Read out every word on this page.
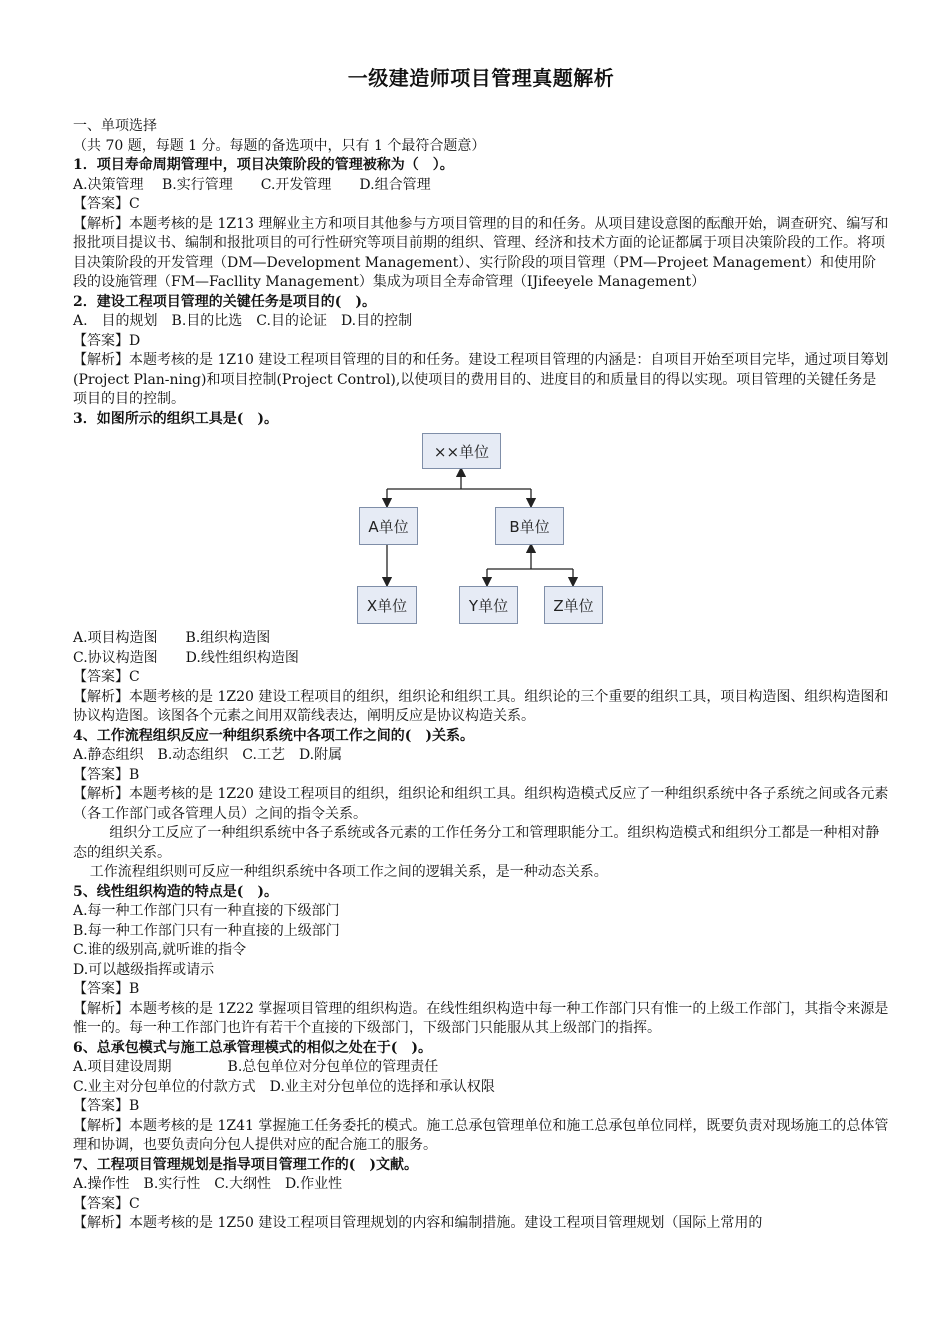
一级建造师项目管理真题解析

一、单项选择

（共 70 题，每题 1 分。每题的备选项中，只有 1 个最符合题意）

1．项目寿命周期管理中，项目决策阶段的管理被称为（　）。

A.决策管理　 B.实行管理　　C.开发管理　　D.组合管理

【答案】C

【解析】本题考核的是 1Z13 理解业主方和项目其他参与方项目管理的目的和任务。从项目建设意图的酝酿开始，调查研究、编写和报批项目提议书、编制和报批项目的可行性研究等项目前期的组织、管理、经济和技术方面的论证都属于项目决策阶段的工作。将项目决策阶段的开发管理（DM—Development Management）、实行阶段的项目管理（PM—Projeet Management）和使用阶段的设施管理（FM—Facllity Management）集成为项目全寿命管理（IJifeeyele Management）

2．建设工程项目管理的关键任务是项目的(　)。

A.　目的规划　B.目的比选　C.目的论证　D.目的控制

【答案】D

【解析】本题考核的是 1Z10 建设工程项目管理的目的和任务。建设工程项目管理的内涵是：自项目开始至项目完毕，通过项目筹划(Project Plan-ning)和项目控制(Project Control),以使项目的费用目的、进度目的和质量目的得以实现。项目管理的关键任务是项目的目的控制。

3．如图所示的组织工具是(　)。

××单位
A单位	B单位
X单位	Y单位	Z单位

A.项目构造图　　B.组织构造图

C.协议构造图　　D.线性组织构造图

【答案】C

【解析】本题考核的是 1Z20 建设工程项目的组织，组织论和组织工具。组织论的三个重要的组织工具，项目构造图、组织构造图和协议构造图。该图各个元素之间用双箭线表达，阐明反应是协议构造关系。

4、工作流程组织反应一种组织系统中各项工作之间的(　)关系。

A.静态组织　B.动态组织　C.工艺　D.附属

【答案】B

【解析】本题考核的是 1Z20 建设工程项目的组织，组织论和组织工具。组织构造模式反应了一种组织系统中各子系统之间或各元素（各工作部门或各管理人员）之间的指令关系。

组织分工反应了一种组织系统中各子系统或各元素的工作任务分工和管理职能分工。组织构造模式和组织分工都是一种相对静态的组织关系。

工作流程组织则可反应一种组织系统中各项工作之间的逻辑关系，是一种动态关系。

5、线性组织构造的特点是(　)。

A.每一种工作部门只有一种直接的下级部门

B.每一种工作部门只有一种直接的上级部门

C.谁的级别高,就听谁的指令

D.可以越级指挥或请示

【答案】B

【解析】本题考核的是 1Z22 掌握项目管理的组织构造。在线性组织构造中每一种工作部门只有惟一的上级工作部门，其指令来源是惟一的。每一种工作部门也许有若干个直接的下级部门，下级部门只能服从其上级部门的指挥。

6、总承包模式与施工总承管理模式的相似之处在于(　)。

A.项目建设周期　　　　B.总包单位对分包单位的管理责任

C.业主对分包单位的付款方式　D.业主对分包单位的选择和承认权限

【答案】B

【解析】本题考核的是 1Z41 掌握施工任务委托的模式。施工总承包管理单位和施工总承包单位同样，既要负责对现场施工的总体管理和协调，也要负责向分包人提供对应的配合施工的服务。

7、工程项目管理规划是指导项目管理工作的(　)文献。

A.操作性　B.实行性　C.大纲性　D.作业性

【答案】C

【解析】本题考核的是 1Z50 建设工程项目管理规划的内容和编制措施。建设工程项目管理规划（国际上常用的
